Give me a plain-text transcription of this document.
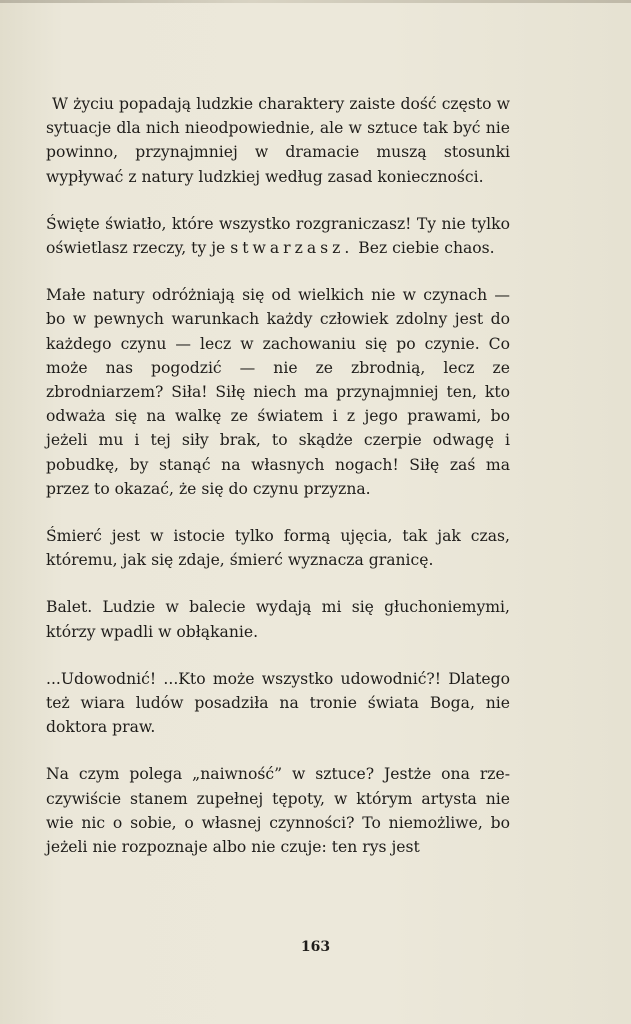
W życiu popadają ludzkie charaktery zaiste dość często w sytuacje dla nich nieodpowiednie, ale w sztuce tak być nie powinno, przynajmniej w dramacie muszą stosunki wypływać z natury ludzkiej według zasad konieczności.

Święte światło, które wszystko rozgraniczasz! Ty nie tylko oświetlasz rzeczy, ty je stwarzasz. Bez ciebie chaos.

Małe natury odróżniają się od wielkich nie w czynach — bo w pewnych warunkach każdy człowiek zdolny jest do każdego czynu — lecz w zachowaniu się po czynie. Co może nas pogodzić — nie ze zbrodnią, lecz ze zbrodniarzem? Siła! Siłę niech ma przynajmniej ten, kto odważa się na walkę ze światem i z jego prawami, bo jeżeli mu i tej siły brak, to skądże czerpie odwagę i pobudkę, by stanąć na własnych nogach! Siłę zaś ma przez to okazać, że się do czynu przyzna.

Śmierć jest w istocie tylko formą ujęcia, tak jak czas, któremu, jak się zdaje, śmierć wyznacza granicę.

Balet. Ludzie w balecie wydają mi się głuchoniemymi, którzy wpadli w obłąkanie.

...Udowodnić! ...Kto może wszystko udowodnić?! Dlatego też wiara ludów posadziła na tronie świata Boga, nie doktora praw.

Na czym polega „naiwność” w sztuce? Jestże ona rzeczywiście stanem zupełnej tępoty, w którym artysta nie wie nic o sobie, o własnej czynności? To niemożliwe, bo jeżeli nie rozpoznaje albo nie czuje: ten rys jest

163
